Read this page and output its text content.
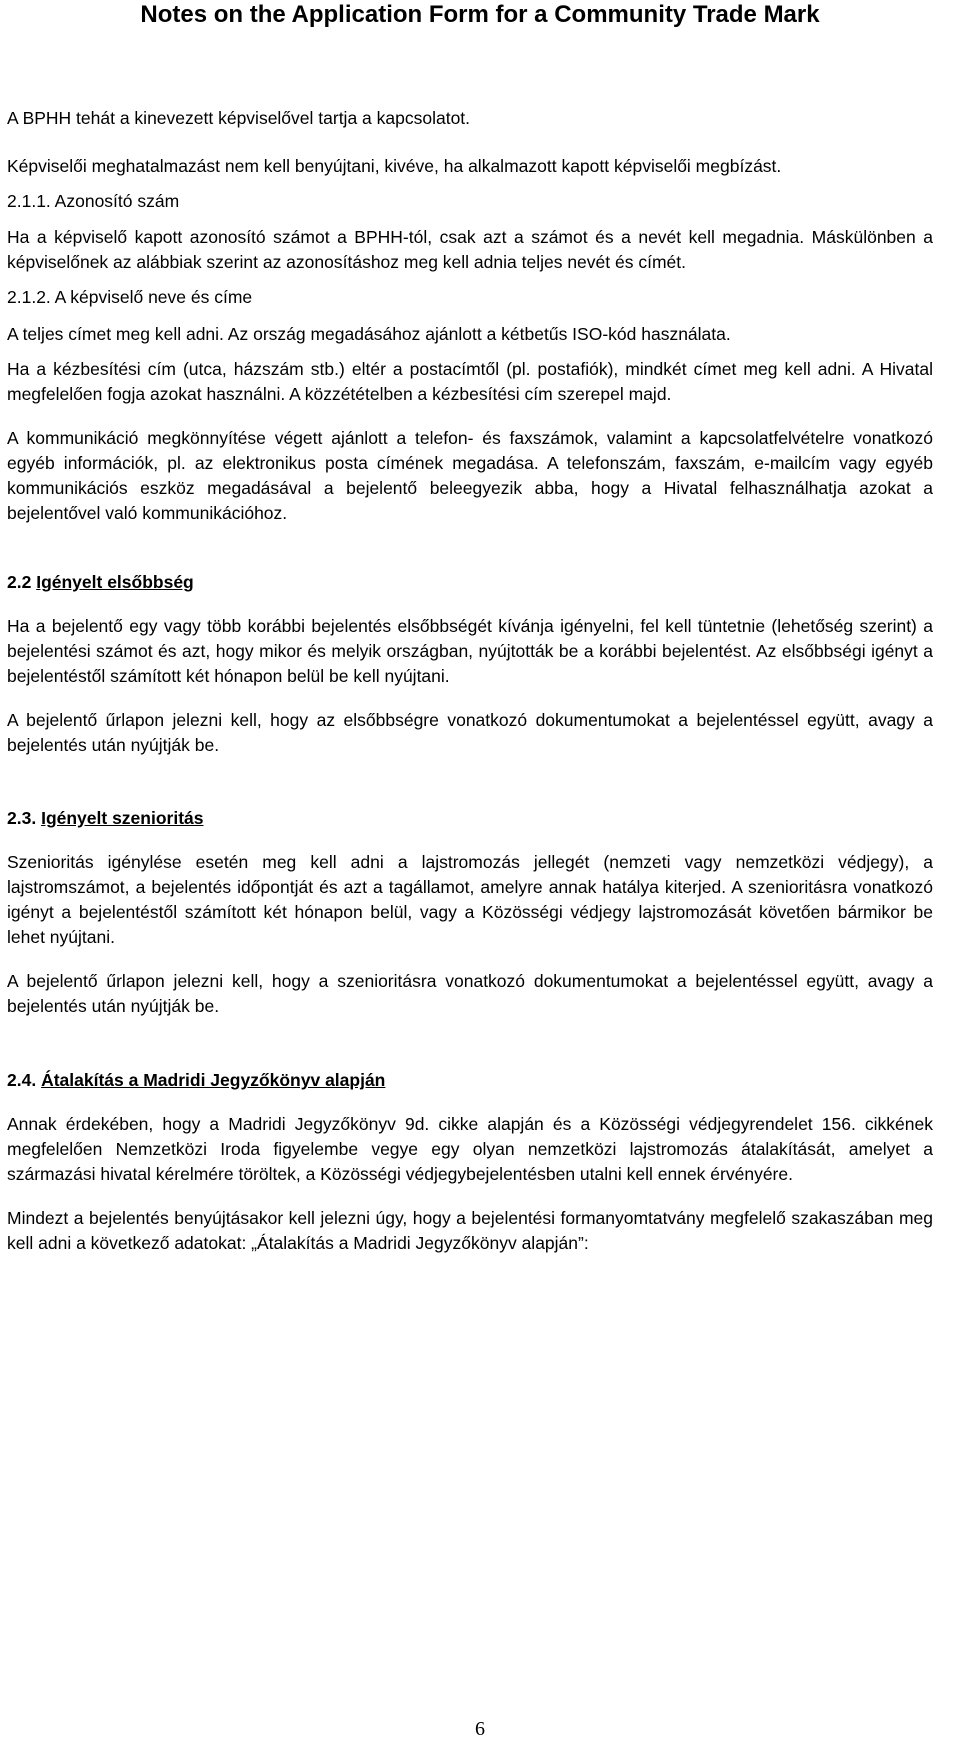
Notes on the Application Form for a Community Trade Mark

A BPHH tehát a kinevezett képviselővel tartja a kapcsolatot.

Képviselői meghatalmazást nem kell benyújtani, kivéve, ha alkalmazott kapott képviselői megbízást.

2.1.1. Azonosító szám

Ha a képviselő kapott azonosító számot a BPHH-tól, csak azt a számot és a nevét kell megadnia. Máskülönben a képviselőnek az alábbiak szerint az azonosításhoz meg kell adnia teljes nevét és címét.

2.1.2. A képviselő neve és címe

A teljes címet meg kell adni. Az ország megadásához ajánlott a kétbetűs ISO-kód használata.

Ha a kézbesítési cím (utca, házszám stb.) eltér a postacímtől (pl. postafiók), mindkét címet meg kell adni. A Hivatal megfelelően fogja azokat használni. A közzétételben a kézbesítési cím szerepel majd.

A kommunikáció megkönnyítése végett ajánlott a telefon- és faxszámok, valamint a kapcsolatfelvételre vonatkozó egyéb információk, pl. az elektronikus posta címének megadása. A telefonszám, faxszám, e-mailcím vagy egyéb kommunikációs eszköz megadásával a bejelentő beleegyezik abba, hogy a Hivatal felhasználhatja azokat a bejelentővel való kommunikációhoz.

2.2 Igényelt elsőbbség

Ha a bejelentő egy vagy több korábbi bejelentés elsőbbségét kívánja igényelni, fel kell tüntetnie (lehetőség szerint) a bejelentési számot és azt, hogy mikor és melyik országban, nyújtották be a korábbi bejelentést. Az elsőbbségi igényt a bejelentéstől számított két hónapon belül be kell nyújtani.

A bejelentő űrlapon jelezni kell, hogy az elsőbbségre vonatkozó dokumentumokat a bejelentéssel együtt, avagy a bejelentés után nyújtják be.

2.3. Igényelt szenioritás

Szenioritás igénylése esetén meg kell adni a lajstromozás jellegét (nemzeti vagy nemzetközi védjegy), a lajstromszámot, a bejelentés időpontját és azt a tagállamot, amelyre annak hatálya kiterjed. A szenioritásra vonatkozó igényt a bejelentéstől számított két hónapon belül, vagy a Közösségi védjegy lajstromozását követően bármikor be lehet nyújtani.

A bejelentő űrlapon jelezni kell, hogy a szenioritásra vonatkozó dokumentumokat a bejelentéssel együtt, avagy a bejelentés után nyújtják be.

2.4. Átalakítás a Madridi Jegyzőkönyv alapján

Annak érdekében, hogy a Madridi Jegyzőkönyv 9d. cikke alapján és a Közösségi védjegyrendelet 156. cikkének megfelelően Nemzetközi Iroda figyelembe vegye egy olyan nemzetközi lajstromozás átalakítását, amelyet a származási hivatal kérelmére töröltek, a Közösségi védjegybejelentésben utalni kell ennek érvényére.

Mindezt a bejelentés benyújtásakor kell jelezni úgy, hogy a bejelentési formanyomtatvány megfelelő szakaszában meg kell adni a következő adatokat: „Átalakítás a Madridi Jegyzőkönyv alapján”:

6
